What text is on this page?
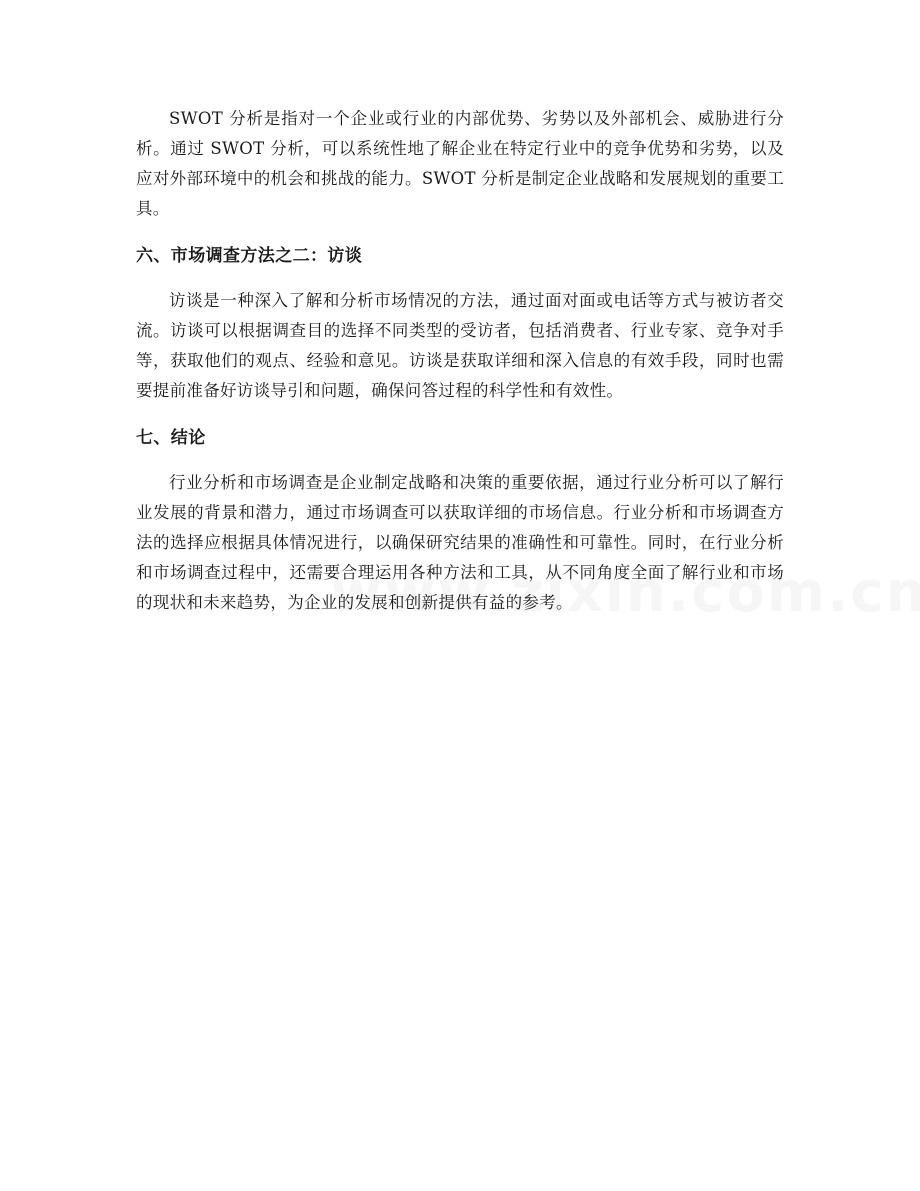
SWOT 分析是指对一个企业或行业的内部优势、劣势以及外部机会、威胁进行分析。通过 SWOT 分析，可以系统性地了解企业在特定行业中的竞争优势和劣势，以及应对外部环境中的机会和挑战的能力。SWOT 分析是制定企业战略和发展规划的重要工具。

六、市场调查方法之二：访谈

访谈是一种深入了解和分析市场情况的方法，通过面对面或电话等方式与被访者交流。访谈可以根据调查目的选择不同类型的受访者，包括消费者、行业专家、竞争对手等，获取他们的观点、经验和意见。访谈是获取详细和深入信息的有效手段，同时也需要提前准备好访谈导引和问题，确保问答过程的科学性和有效性。

七、结论

行业分析和市场调查是企业制定战略和决策的重要依据，通过行业分析可以了解行业发展的背景和潜力，通过市场调查可以获取详细的市场信息。行业分析和市场调查方法的选择应根据具体情况进行，以确保研究结果的准确性和可靠性。同时，在行业分析和市场调查过程中，还需要合理运用各种方法和工具，从不同角度全面了解行业和市场的现状和未来趋势，为企业的发展和创新提供有益的参考。
